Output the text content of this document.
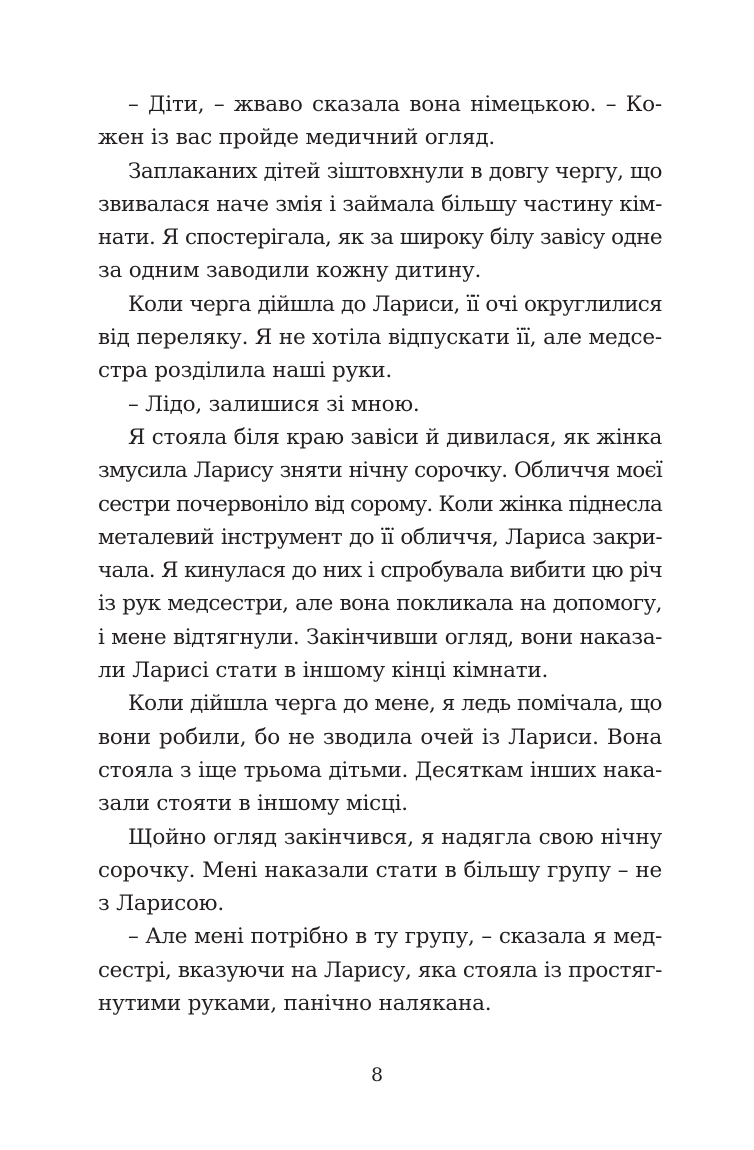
– Діти, – жваво сказала вона німецькою. – Ко-
жен із вас пройде медичний огляд.
Заплаканих дітей зіштовхнули в довгу чергу, що
звивалася наче змія і займала більшу частину кім-
нати. Я спостерігала, як за широку білу завісу одне
за одним заводили кожну дитину.
Коли черга дійшла до Лариси, її очі округлилися
від переляку. Я не хотіла відпускати її, але медсе-
стра розділила наші руки.
– Лідо, залишися зі мною.
Я стояла біля краю завіси й дивилася, як жінка
змусила Ларису зняти нічну сорочку. Обличчя моєї
сестри почервоніло від сорому. Коли жінка піднесла
металевий інструмент до її обличчя, Лариса закри-
чала. Я кинулася до них і спробувала вибити цю річ
із рук медсестри, але вона покликала на допомогу,
і мене відтягнули. Закінчивши огляд, вони наказа-
ли Ларисі стати в іншому кінці кімнати.
Коли дійшла черга до мене, я ледь помічала, що
вони робили, бо не зводила очей із Лариси. Вона
стояла з іще трьома дітьми. Десяткам інших нака-
зали стояти в іншому місці.
Щойно огляд закінчився, я надягла свою нічну
сорочку. Мені наказали стати в більшу групу – не
з Ларисою.
– Але мені потрібно в ту групу, – сказала я мед-
сестрі, вказуючи на Ларису, яка стояла із простяг-
нутими руками, панічно налякана.
8
